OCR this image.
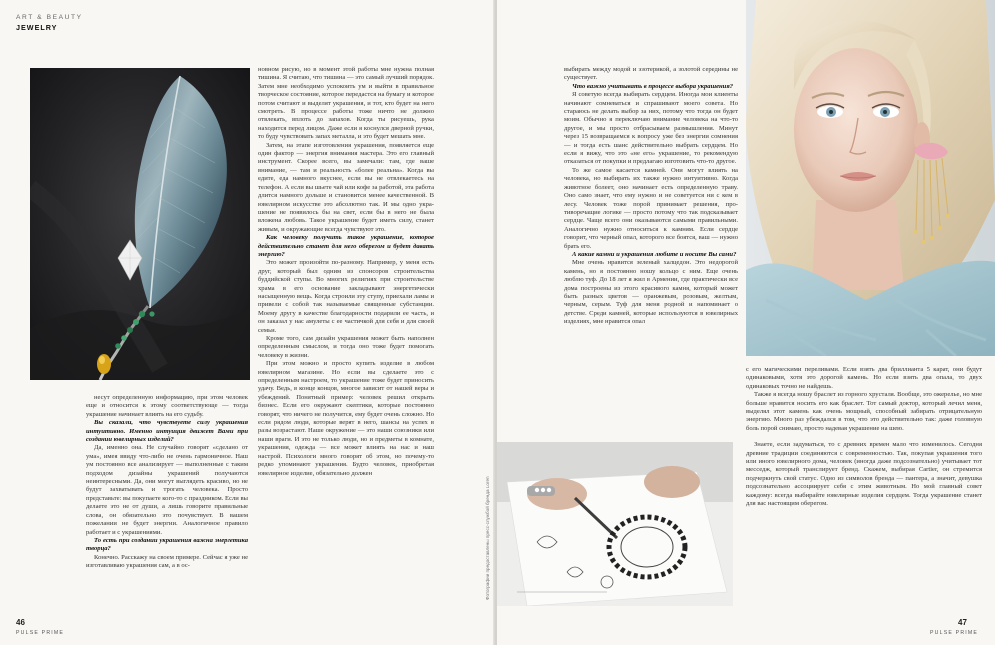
ART & BEAUTY
JEWELRY

несут определенную информацию, при этом человек еще и относится к этому соответствующе — тогда украшение начинает влиять на его судьбу.

Вы сказали, что чувствуете силу украшения интуитивно. Именно интуиция движет Вами при создании ювелирных изделий?

Да, именно она. Не случайно говорят «сделано от ума», имея ввиду что-либо не очень гармоничное. Наш ум постоянно все анализирует — выполненные с таким подходом дизайны украшений получаются неинтересными. Да, они могут выглядеть красиво, но не будут захватывать и трогать человека. Просто представьте: вы покупаете кого-то с праздником. Если вы делаете это не от души, а лишь говорите правильные слова, он обязательно это почувствует. В вашем пожелании не будет энергии. Аналогичное правило работает и с украшениями.

То есть при создании украшения важна энергетика творца?

Конечно. Расскажу на своем примере. Сейчас я уже не изготавливаю украшения сам, а в ос-

новном рисую, но в момент этой работы мне нужна полная тишина. Я считаю, что тишина — это самый лучший порядок. Затем мне необходимо успокоить ум и выйти в правильное творческое состояние, которое передастся на бумагу и которое потом считают и выделят украшения, и тот, кто будет на него смотреть. В процессе работы тоже ничто не должно отвлекать, вплоть до запахов. Когда ты рисуешь, рука находится перед лицом. Даже если я коснулся дверной ручки, то буду чувствовать запах металла, и это будет мешать мне.

Затем, на этапе изготовления украшения, появляется еще один фактор — энергия внимания мастера. Это его главный инструмент. Скорее всего, вы замечали: там, где ваше внимание, — там и реальность «более реальна». Когда вы едите, еда намного вкуснее, если вы не отвлекаетесь на телефон. А если вы шьете чай или кофе за работой, эта работа длится намного дольше и становится менее качественной. В ювелирном искусстве это абсолютно так. И мы одно украшение не появилось бы на свет, если бы в него не была вложена любовь. Такое украшение будет иметь силу, станет живым, и окружающие всегда чувствуют это.

Как человеку получить такое украшение, которое действительно станет для него оберегом и будет давать энергию?

Это может произойти по-разному. Например, у меня есть друг, который был одним из спонсоров строительства буддийской ступы. Во многих религиях при строительстве храма в его основание закладывают энергетически насыщенную вещь. Когда строили эту ступу, приехали ламы и привели с собой так называемые священные субстанции. Моему другу в качестве благодарности подарили ее часть, и он заказал у нас амулеты с ее частичкой для себя и для своей семьи.

Кроме того, сам дизайн украшения может быть наполнен определенным смыслом, и тогда оно тоже будет помогать человеку в жизни.

При этом можно и просто купить изделие в любом ювелирном магазине. Но если вы сделаете это с определенным настроем, то украшение тоже будет приносить удачу. Ведь, в конце концов, многое зависит от нашей веры и убеждений. Понятный пример: человек решил открыть бизнес. Если его окружают скептики, которые постоянно говорят, что ничего не получится, ему будет очень сложно. Но если рядом люди, которые верят в него, шансы на успех в разы возрастают. Наше окружение — это наши союзники или наши враги. И это не только люди, но и предметы в комнате, украшения, одежда — все может влиять на нас и наш настрой. Психологи много говорят об этом, но почему-то редко упоминают украшения. Будто человек, приобретая ювелирное изделие, обязательно должен

46
PULSE PRIME

выбирать между модой и эзотерикой, а золотой середины не существует.

Что важно учитывать в процессе выбора украшения?

Я советую всегда выбирать сердцем. Иногда мои клиенты начинают сомневаться и спрашивают моего совета. Но стараюсь не делать выбор за них, потому что тогда он будет моим. Обычно я переключаю внимание человека на что-то другое, и мы просто отбрасываем размышления. Минут через 15 возвращаемся к вопросу уже без энергии сомнения — и тогда есть шанс действительно выбрать сердцем. Но если я вижу, что это «не его» украшение, то рекомендую отказаться от покупки и предлагаю изготовить что-то другое.

То же самое касается камней. Они могут влиять на человека, но выбирать их также нужно интуитивно. Когда животное болеет, оно начинает есть определенную траву. Оно само знает, что ему нужно и не советуется ни с кем в лесу. Человек тоже порой принимает решения, противоречащие логике — просто потому что так подсказывает сердце. Чаще всего они оказываются самыми правильными. Аналогично нужно относиться к камням. Если сердце говорит, что черный опал, которого все боятся, ваш — нужно брать его.

А какие камни и украшения любите и носите Вы сами?

Мне очень нравится зеленый халцедон. Это недорогой камень, но я постоянно ношу кольцо с ним. Еще очень люблю туф. До 18 лет я жил в Армении, где практически все дома построены из этого красивого камня, который может быть разных цветов — оранжевым, розовым, желтым, черным, серым. Туф для меня родной и напоминает о детстве. Среди камней, которые используются в ювелирных изделиях, мне нравится опал

Фотографии предоставлены пресс-службой бренда Loren

с его магическими переливами. Если взять два бриллианта 5 карат, они будут одинаковыми, хотя это дорогой камень. Но если взять два опала, то двух одинаковых точно не найдешь.

Также я всегда ношу браслет из горного хрусталя. Вообще, это ожерелье, но мне больше нравится носить его как браслет. Тот самый доктор, который лечил меня, выделял этот камень как очень мощный, способный забирать отрицательную энергию. Много раз убеждался в том, что это действительно так: даже головную боль порой снимаю, просто надевая украшение на шею.

Знаете, если задуматься, то с древних времен мало что изменилось. Сегодня древние традиции соединяются с современностью. Так, покупая украшения того или иного ювелирного дома, человек (иногда даже подсознательно) учитывает тот месседж, который транслирует бренд. Скажем, выбирая Cartier, он стремится подчеркнуть свой статус. Одно из символов бренда — пантера, а значит, девушка подсознательно ассоциирует себя с этим животным. Но мой главный совет каждому: всегда выбирайте ювелирные изделия сердцем. Тогда украшение станет для вас настоящим оберегом.

47
PULSE PRIME
